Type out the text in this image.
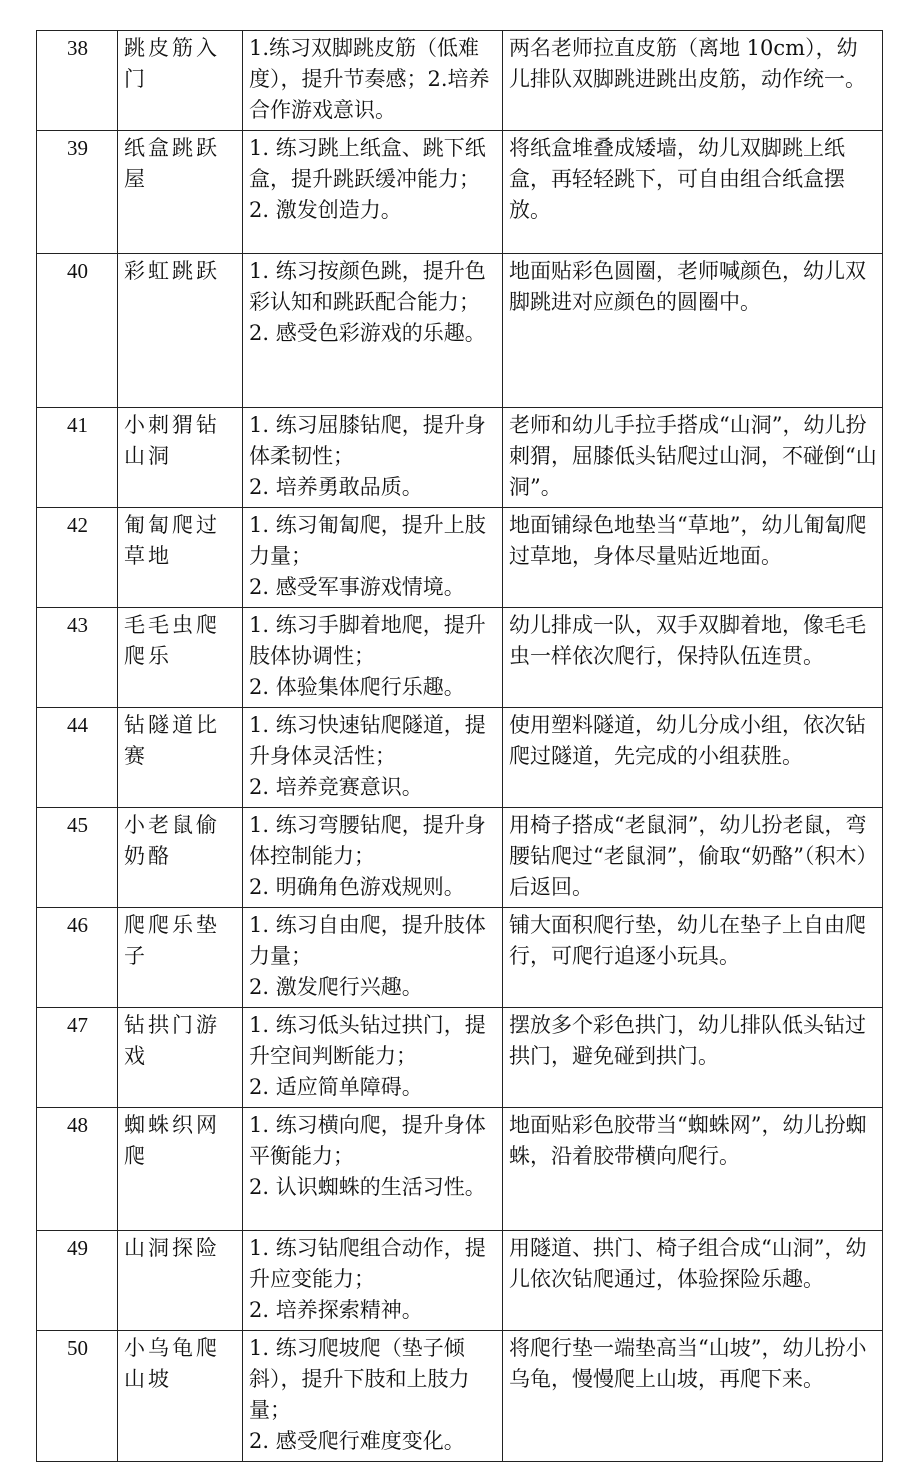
38	跳皮筋入门	1.练习双脚跳皮筋（低难度），提升节奏感；2.培养合作游戏意识。	两名老师拉直皮筋（离地 10cm），幼儿排队双脚跳进跳出皮筋，动作统一。
39	纸盒跳跃屋	1. 练习跳上纸盒、跳下纸盒，提升跳跃缓冲能力；
2. 激发创造力。	将纸盒堆叠成矮墙，幼儿双脚跳上纸盒，再轻轻跳下，可自由组合纸盒摆放。
40	彩虹跳跃	1. 练习按颜色跳，提升色彩认知和跳跃配合能力；
2. 感受色彩游戏的乐趣。	地面贴彩色圆圈，老师喊颜色，幼儿双脚跳进对应颜色的圆圈中。
41	小刺猬钻山洞	1. 练习屈膝钻爬，提升身体柔韧性；
2. 培养勇敢品质。	老师和幼儿手拉手搭成“山洞”，幼儿扮刺猬，屈膝低头钻爬过山洞，不碰倒“山洞”。
42	匍匐爬过草地	1. 练习匍匐爬，提升上肢力量；
2. 感受军事游戏情境。	地面铺绿色地垫当“草地”，幼儿匍匐爬过草地，身体尽量贴近地面。
43	毛毛虫爬爬乐	1. 练习手脚着地爬，提升肢体协调性；
2. 体验集体爬行乐趣。	幼儿排成一队，双手双脚着地，像毛毛虫一样依次爬行，保持队伍连贯。
44	钻隧道比赛	1. 练习快速钻爬隧道，提升身体灵活性；
2. 培养竞赛意识。	使用塑料隧道，幼儿分成小组，依次钻爬过隧道，先完成的小组获胜。
45	小老鼠偷奶酪	1. 练习弯腰钻爬，提升身体控制能力；
2. 明确角色游戏规则。	用椅子搭成“老鼠洞”，幼儿扮老鼠，弯腰钻爬过“老鼠洞”，偷取“奶酪”（积木）后返回。
46	爬爬乐垫子	1. 练习自由爬，提升肢体力量；
2. 激发爬行兴趣。	铺大面积爬行垫，幼儿在垫子上自由爬行，可爬行追逐小玩具。
47	钻拱门游戏	1. 练习低头钻过拱门，提升空间判断能力；
2. 适应简单障碍。	摆放多个彩色拱门，幼儿排队低头钻过拱门，避免碰到拱门。
48	蜘蛛织网爬	1. 练习横向爬，提升身体平衡能力；
2. 认识蜘蛛的生活习性。	地面贴彩色胶带当“蜘蛛网”，幼儿扮蜘蛛，沿着胶带横向爬行。
49	山洞探险	1. 练习钻爬组合动作，提升应变能力；
2. 培养探索精神。	用隧道、拱门、椅子组合成“山洞”，幼儿依次钻爬通过，体验探险乐趣。
50	小乌龟爬山坡	1. 练习爬坡爬（垫子倾斜），提升下肢和上肢力量；
2. 感受爬行难度变化。	将爬行垫一端垫高当“山坡”，幼儿扮小乌龟，慢慢爬上山坡，再爬下来。
